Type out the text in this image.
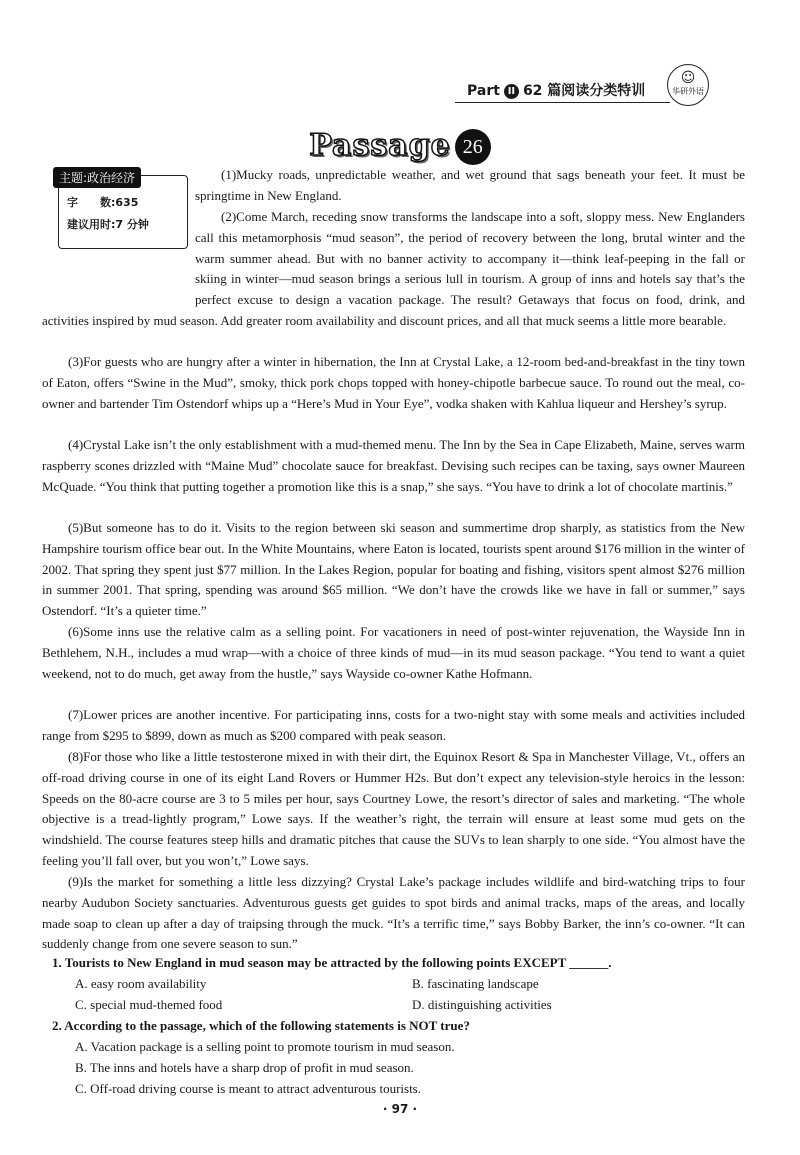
Part II 62 篇阅读分类特训
☺
华研外语
Passage 26
主题:政治经济
字　　数:635
建议用时:7 分钟

(1)Mucky roads, unpredictable weather, and wet ground that sags beneath your feet. It must be springtime in New England.

(2)Come March, receding snow transforms the landscape into a soft, sloppy mess. New Englanders call this metamorphosis “mud season”, the period of recovery between the long, brutal winter and the warm summer ahead. But with no banner activity to accompany it—think leaf-peeping in the fall or skiing in winter—mud season brings a serious lull in tourism. A group of inns and hotels say that’s the perfect excuse to design a vacation package. The result? Getaways that focus on food, drink, and activities inspired by mud season. Add greater room availability and discount prices, and all that muck seems a little more bearable.

(3)For guests who are hungry after a winter in hibernation, the Inn at Crystal Lake, a 12-room bed-and-breakfast in the tiny town of Eaton, offers “Swine in the Mud”, smoky, thick pork chops topped with honey-chipotle barbecue sauce. To round out the meal, co-owner and bartender Tim Ostendorf whips up a “Here’s Mud in Your Eye”, vodka shaken with Kahlua liqueur and Hershey’s syrup.

(4)Crystal Lake isn’t the only establishment with a mud-themed menu. The Inn by the Sea in Cape Elizabeth, Maine, serves warm raspberry scones drizzled with “Maine Mud” chocolate sauce for breakfast. Devising such recipes can be taxing, says owner Maureen McQuade. “You think that putting together a promotion like this is a snap,” she says. “You have to drink a lot of chocolate martinis.”

(5)But someone has to do it. Visits to the region between ski season and summertime drop sharply, as statistics from the New Hampshire tourism office bear out. In the White Mountains, where Eaton is located, tourists spent around $176 million in the winter of 2002. That spring they spent just $77 million. In the Lakes Region, popular for boating and fishing, visitors spent almost $276 million in summer 2001. That spring, spending was around $65 million. “We don’t have the crowds like we have in fall or summer,” says Ostendorf. “It’s a quieter time.”

(6)Some inns use the relative calm as a selling point. For vacationers in need of post-winter rejuvenation, the Wayside Inn in Bethlehem, N.H., includes a mud wrap—with a choice of three kinds of mud—in its mud season package. “You tend to want a quiet weekend, not to do much, get away from the hustle,” says Wayside co-owner Kathe Hofmann.

(7)Lower prices are another incentive. For participating inns, costs for a two-night stay with some meals and activities included range from $295 to $899, down as much as $200 compared with peak season.

(8)For those who like a little testosterone mixed in with their dirt, the Equinox Resort & Spa in Manchester Village, Vt., offers an off-road driving course in one of its eight Land Rovers or Hummer H2s. But don’t expect any television-style heroics in the lesson: Speeds on the 80-acre course are 3 to 5 miles per hour, says Courtney Lowe, the resort’s director of sales and marketing. “The whole objective is a tread-lightly program,” Lowe says. If the weather’s right, the terrain will ensure at least some mud gets on the windshield. The course features steep hills and dramatic pitches that cause the SUVs to lean sharply to one side. “You almost have the feeling you’ll fall over, but you won’t,” Lowe says.

(9)Is the market for something a little less dizzying? Crystal Lake’s package includes wildlife and bird-watching trips to four nearby Audubon Society sanctuaries. Adventurous guests get guides to spot birds and animal tracks, maps of the areas, and locally made soap to clean up after a day of traipsing through the muck. “It’s a terrific time,” says Bobby Barker, the inn’s co-owner. “It can suddenly change from one severe season to sun.”

1. Tourists to New England in mud season may be attracted by the following points EXCEPT ______.
A. easy room availability	B. fascinating landscape
C. special mud-themed food	D. distinguishing activities
2. According to the passage, which of the following statements is NOT true?
A. Vacation package is a selling point to promote tourism in mud season.
B. The inns and hotels have a sharp drop of profit in mud season.
C. Off-road driving course is meant to attract adventurous tourists.
· 97 ·
